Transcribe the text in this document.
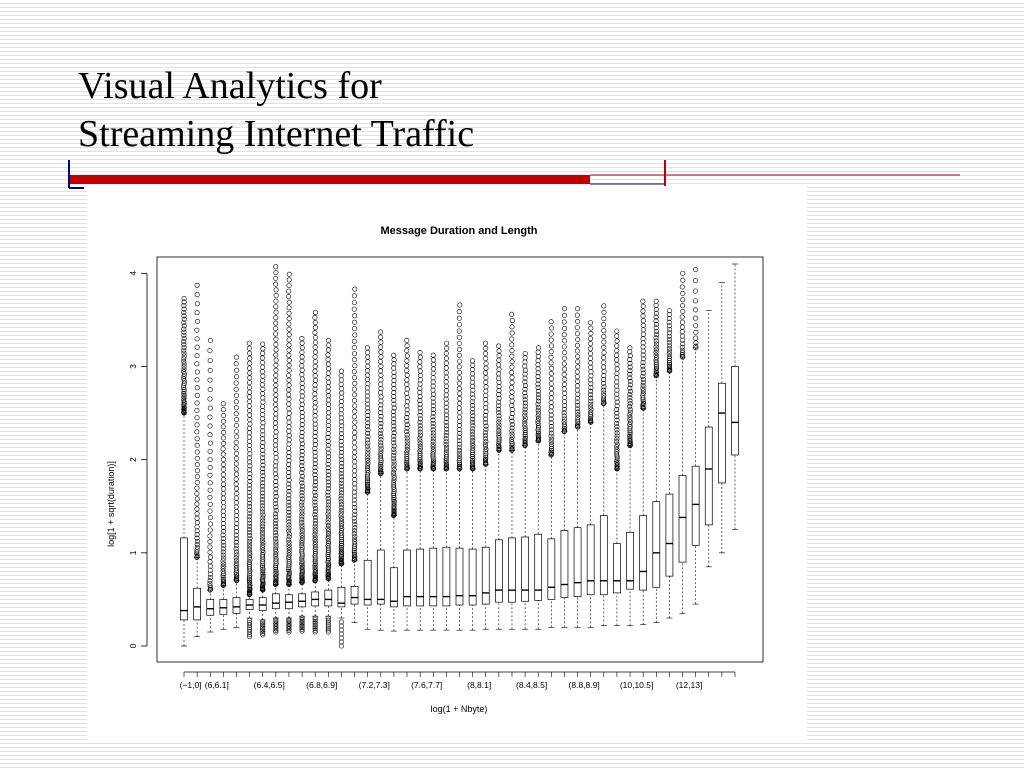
Visual Analytics for
Streaming Internet Traffic
Message Duration and Length
log(1 + Nbyte)
log[1 + sqrt(duration)]
0
1
2
3
4
(−1,0] (6,6.1]	(6.4,6.5]	(6.8,6.9]	(7.2,7.3]	(7.6,7.7]	(8,8.1]	(8.4,8.5]	(8.8,8.9] (10,10.5]	(12,13]
